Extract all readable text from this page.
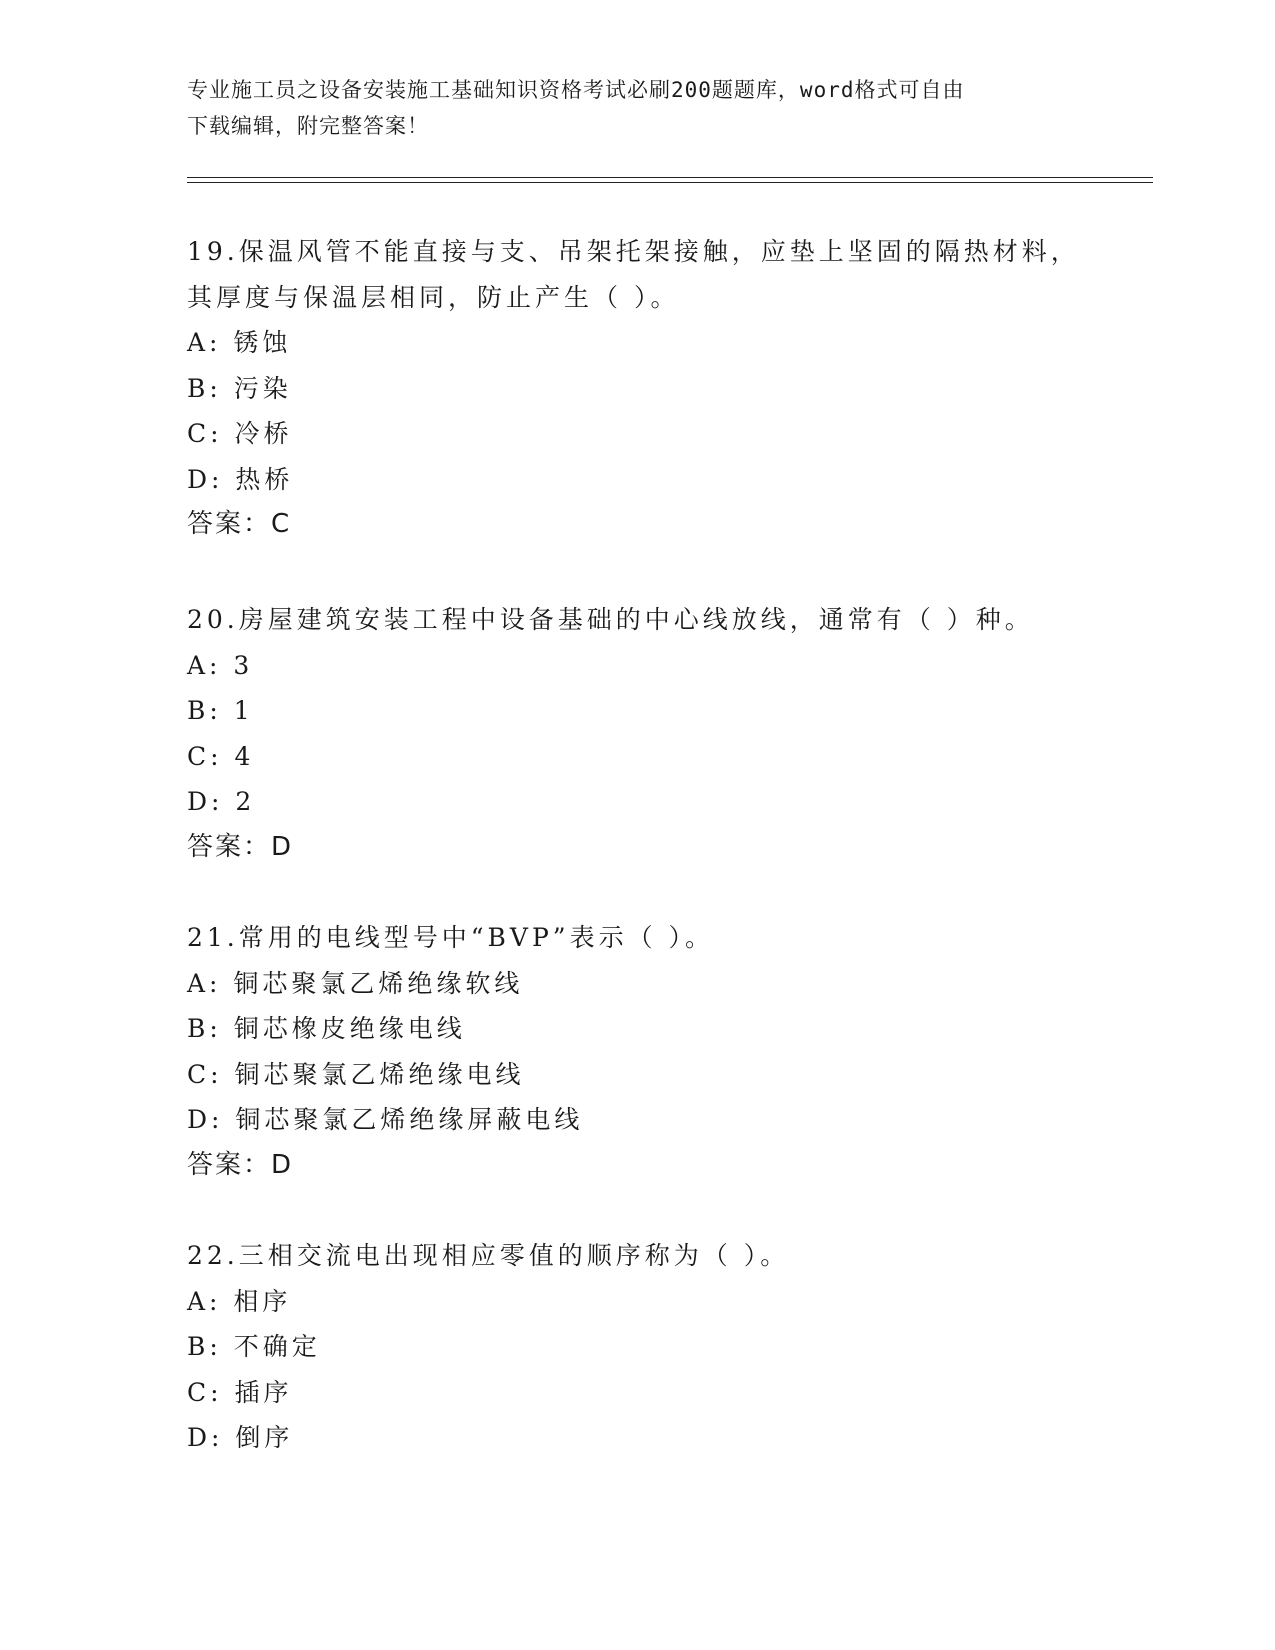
专业施工员之设备安装施工基础知识资格考试必刷200题题库，word格式可自由
下载编辑，附完整答案！
19.保温风管不能直接与支、吊架托架接触，应垫上坚固的隔热材料，
其厚度与保温层相同，防止产生（ ）。
A: 锈蚀
B: 污染
C: 冷桥
D: 热桥
答案：C
20.房屋建筑安装工程中设备基础的中心线放线，通常有（ ）种。
A: 3
B: 1
C: 4
D: 2
答案：D
21.常用的电线型号中“BVP”表示（ ）。
A: 铜芯聚氯乙烯绝缘软线
B: 铜芯橡皮绝缘电线
C: 铜芯聚氯乙烯绝缘电线
D: 铜芯聚氯乙烯绝缘屏蔽电线
答案：D
22.三相交流电出现相应零值的顺序称为（ ）。
A: 相序
B: 不确定
C: 插序
D: 倒序
